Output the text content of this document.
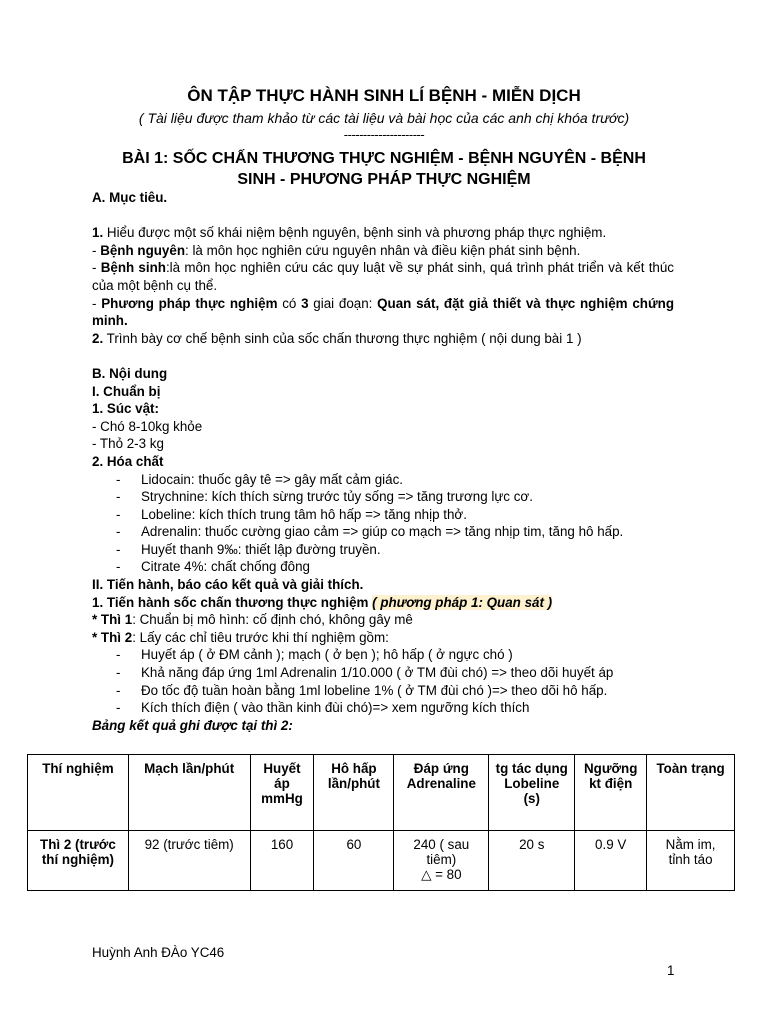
ÔN TẬP THỰC HÀNH SINH LÍ BỆNH - MIỄN DỊCH
( Tài liệu được tham khảo từ các tài liệu và bài học của các anh chị khóa trước)
---------------------
BÀI 1: SỐC CHẤN THƯƠNG THỰC NGHIỆM - BỆNH NGUYÊN - BỆNH
SINH - PHƯƠNG PHÁP THỰC NGHIỆM

A. Mục tiêu.

1. Hiểu được một số khái niệm bệnh nguyên, bệnh sinh và phương pháp thực nghiệm.

- Bệnh nguyên: là môn học nghiên cứu nguyên nhân và điều kiện phát sinh bệnh.

- Bệnh sinh:là môn học nghiên cứu các quy luật về sự phát sinh, quá trình phát triển và kết thúc của một bệnh cụ thể.

- Phương pháp thực nghiệm có 3 giai đoạn: Quan sát, đặt giả thiết và thực nghiệm chứng minh.

2. Trình bày cơ chế bệnh sinh của sốc chấn thương thực nghiệm ( nội dung bài 1 )

B. Nội dung

I. Chuẩn bị

1. Súc vật:

- Chó 8-10kg khỏe

- Thỏ 2-3 kg

2. Hóa chất

- Lidocain: thuốc gây tê => gây mất cảm giác.
- Strychnine: kích thích sừng trước tủy sống => tăng trương lực cơ.
- Lobeline: kích thích trung tâm hô hấp => tăng nhịp thở.
- Adrenalin: thuốc cường giao cảm => giúp co mạch => tăng nhịp tim, tăng hô hấp.
- Huyết thanh 9‰: thiết lập đường truyền.
- Citrate 4%: chất chống đông

II. Tiến hành, báo cáo kết quả và giải thích.

1. Tiến hành sốc chấn thương thực nghiệm ( phương pháp 1: Quan sát )

* Thì 1: Chuẩn bị mô hình: cố định chó, không gây mê

* Thì 2: Lấy các chỉ tiêu trước khi thí nghiệm gồm:

- Huyết áp ( ở ĐM cảnh ); mạch ( ở bẹn ); hô hấp ( ở ngực chó )
- Khả năng đáp ứng 1ml Adrenalin 1/10.000 ( ở TM đùi chó) => theo dõi huyết áp
- Đo tốc độ tuần hoàn bằng 1ml lobeline 1% ( ở TM đùi chó )=> theo dõi hô hấp.
- Kích thích điện ( vào thần kinh đùi chó)=> xem ngưỡng kích thích

Bảng kết quả ghi được tại thì 2:

Thí nghiệm	Mạch lần/phút	Huyết áp mmHg	Hô hấp lần/phút	Đáp ứng Adrenaline	tg tác dụng Lobeline (s)	Ngưỡng kt điện	Toàn trạng
Thì 2 (trước thí nghiệm)	92 (trước tiêm)	160	60	240 ( sau tiêm)
△ = 80	20 s	0.9 V	Nằm im, tỉnh táo
Huỳnh Anh ĐÀo YC46
1
